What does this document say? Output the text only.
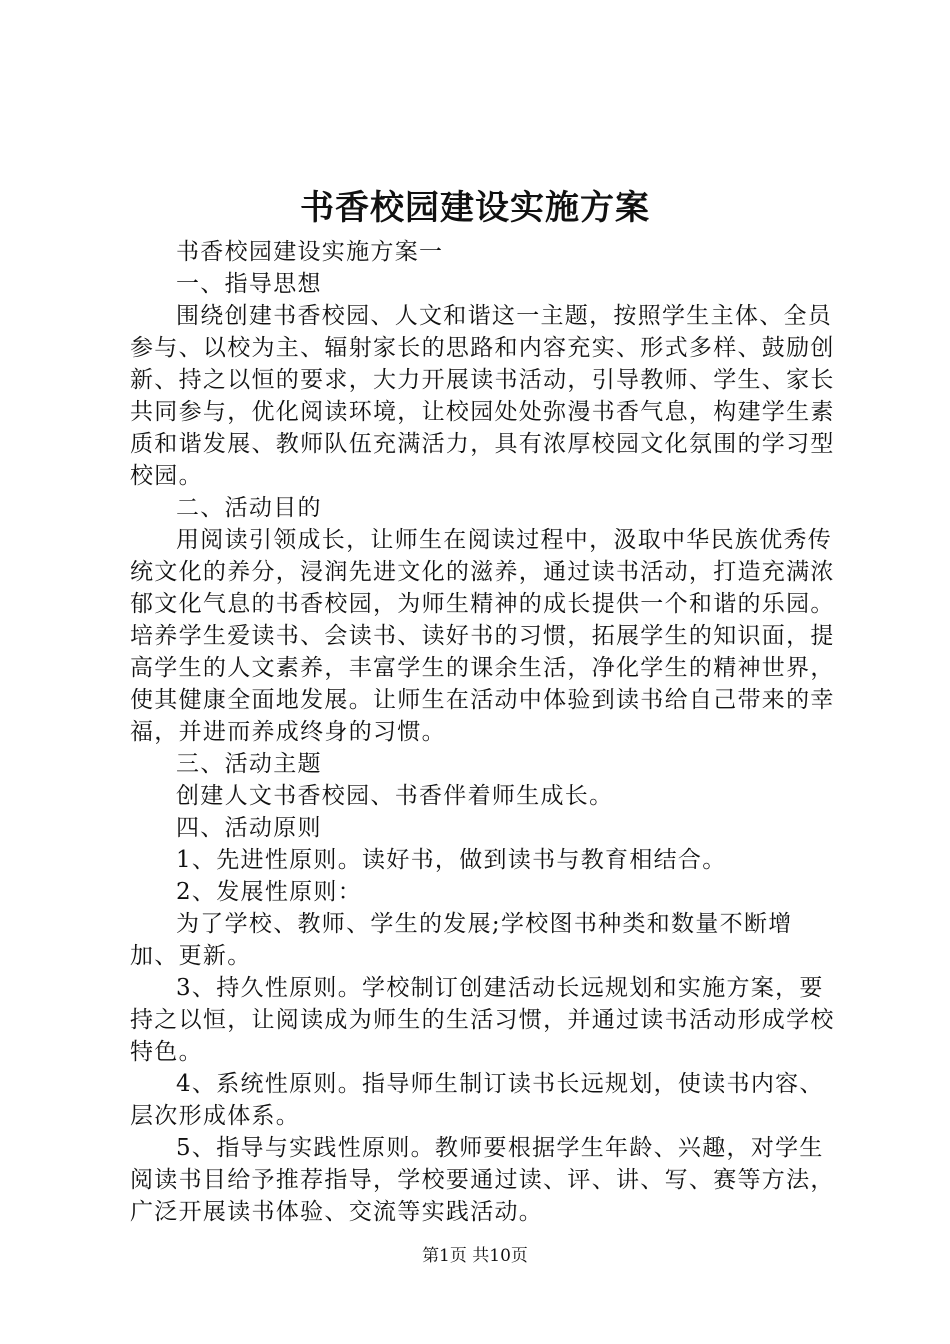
书香校园建设实施方案

书香校园建设实施方案一

一、指导思想

围绕创建书香校园、人文和谐这一主题，按照学生主体、全员参与、以校为主、辐射家长的思路和内容充实、形式多样、鼓励创新、持之以恒的要求，大力开展读书活动，引导教师、学生、家长共同参与，优化阅读环境，让校园处处弥漫书香气息，构建学生素质和谐发展、教师队伍充满活力，具有浓厚校园文化氛围的学习型校园。

二、活动目的

用阅读引领成长，让师生在阅读过程中，汲取中华民族优秀传统文化的养分，浸润先进文化的滋养，通过读书活动，打造充满浓郁文化气息的书香校园，为师生精神的成长提供一个和谐的乐园。培养学生爱读书、会读书、读好书的习惯，拓展学生的知识面，提高学生的人文素养，丰富学生的课余生活，净化学生的精神世界，使其健康全面地发展。让师生在活动中体验到读书给自己带来的幸福，并进而养成终身的习惯。

三、活动主题

创建人文书香校园、书香伴着师生成长。

四、活动原则

1、先进性原则。读好书，做到读书与教育相结合。

2、发展性原则：

为了学校、教师、学生的发展;学校图书种类和数量不断增加、更新。

3、持久性原则。学校制订创建活动长远规划和实施方案，要持之以恒，让阅读成为师生的生活习惯，并通过读书活动形成学校特色。

4、系统性原则。指导师生制订读书长远规划，使读书内容、层次形成体系。

5、指导与实践性原则。教师要根据学生年龄、兴趣，对学生阅读书目给予推荐指导，学校要通过读、评、讲、写、赛等方法，广泛开展读书体验、交流等实践活动。

第1页 共10页
